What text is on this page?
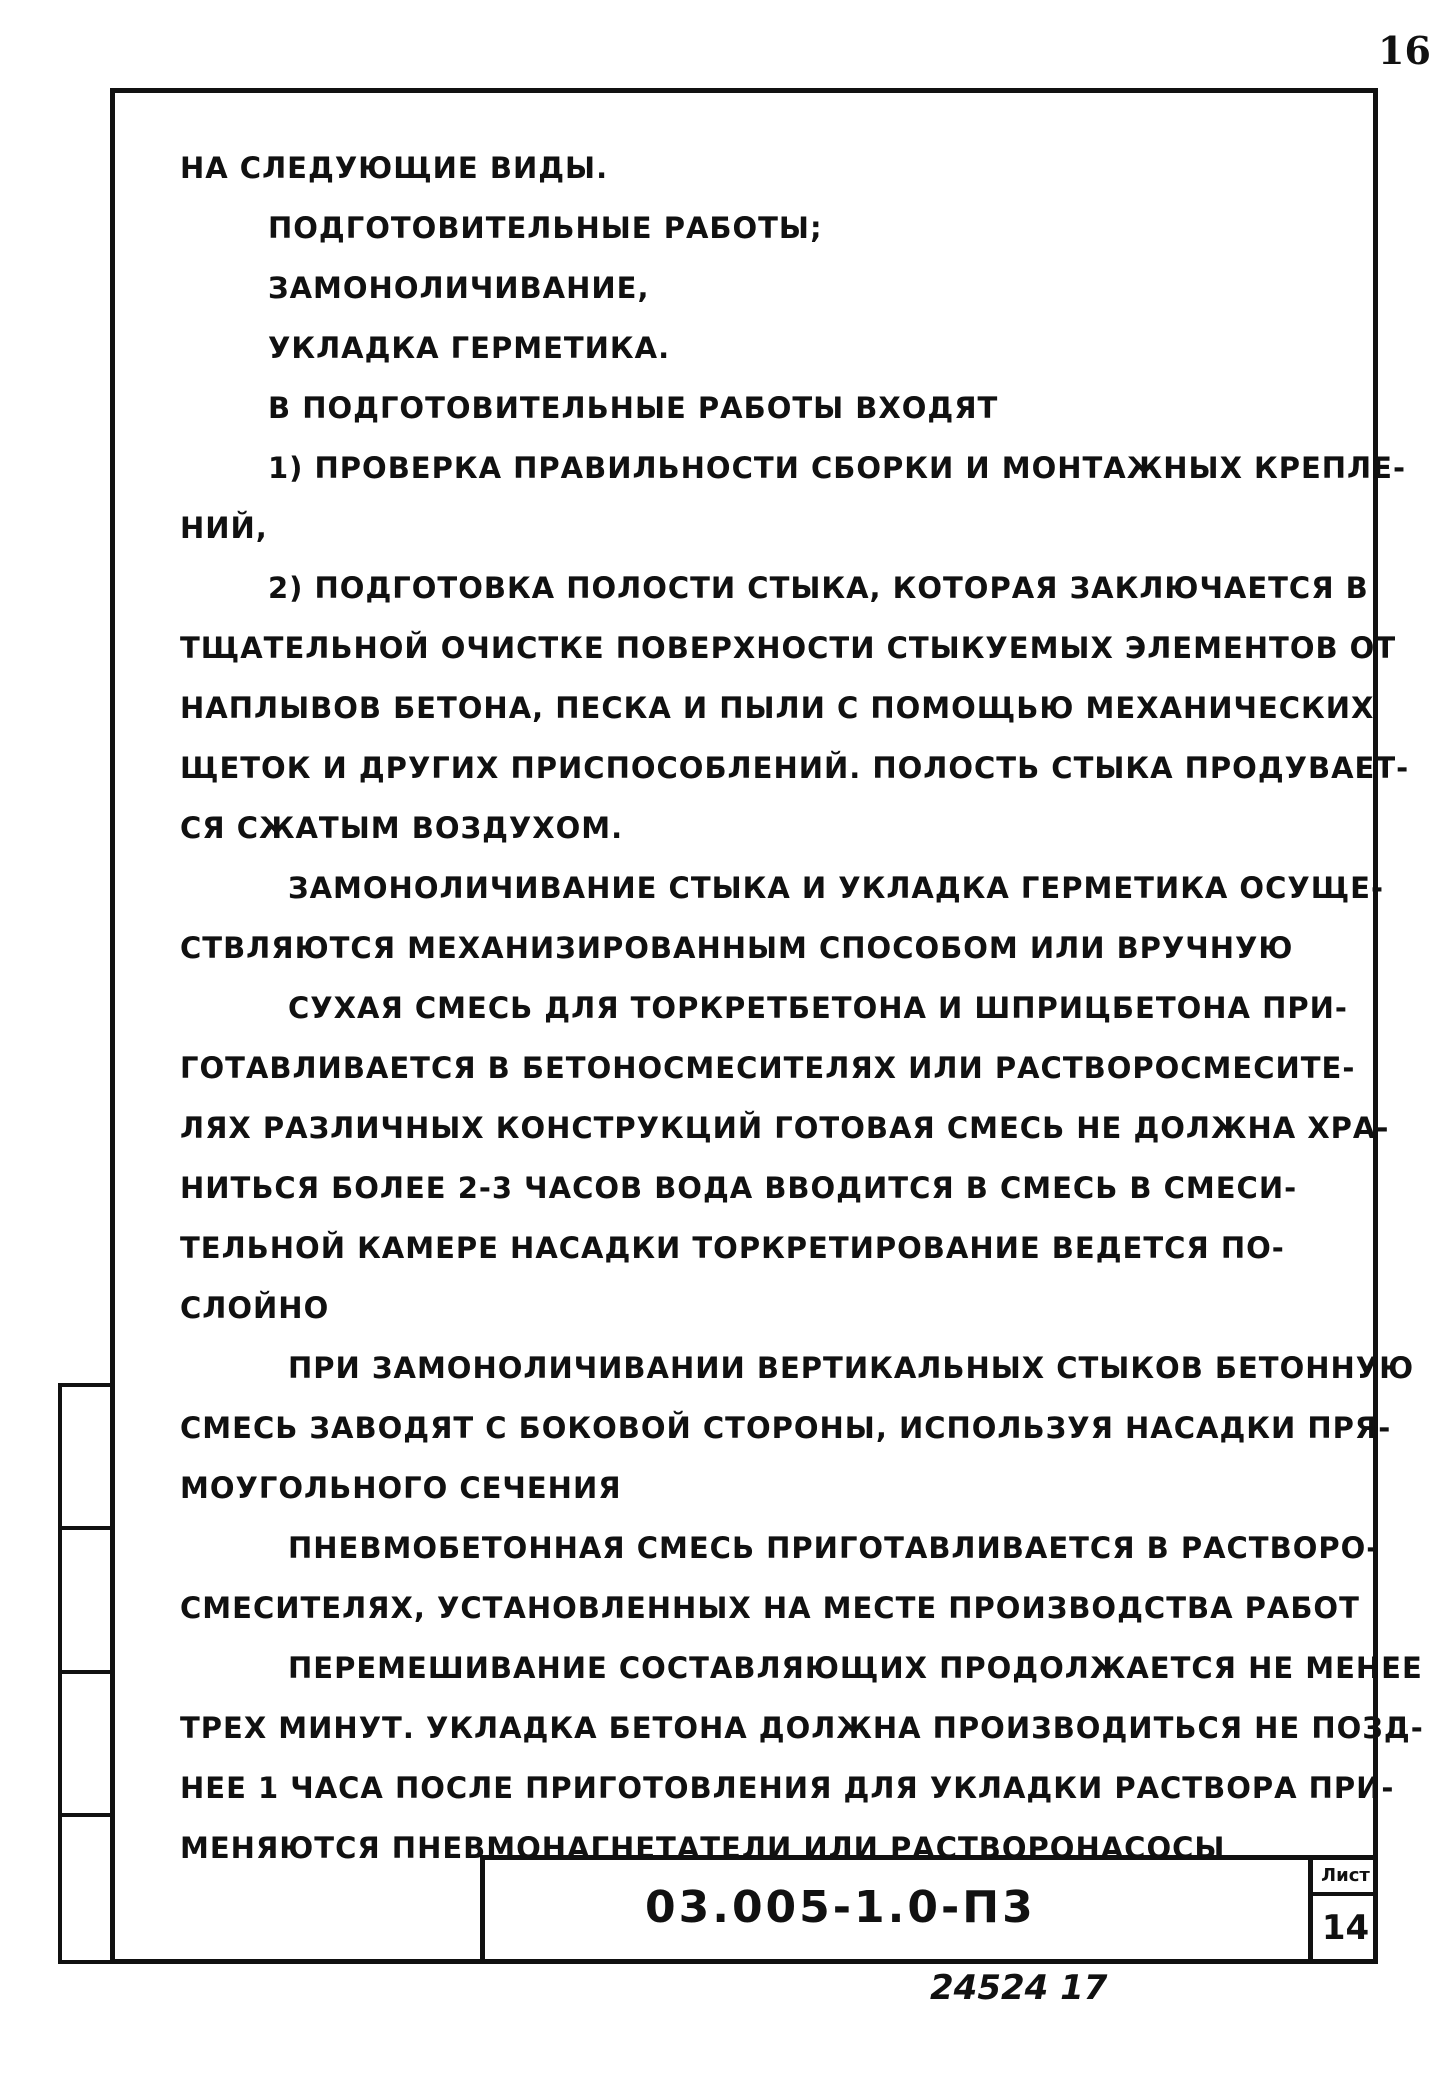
16
НА СЛЕДУЮЩИЕ ВИДЫ.
ПОДГОТОВИТЕЛЬНЫЕ РАБОТЫ;
ЗАМОНОЛИЧИВАНИЕ,
УКЛАДКА ГЕРМЕТИКА.
В ПОДГОТОВИТЕЛЬНЫЕ РАБОТЫ ВХОДЯТ
1) ПРОВЕРКА ПРАВИЛЬНОСТИ СБОРКИ И МОНТАЖНЫХ КРЕПЛЕ-
НИЙ,
2) ПОДГОТОВКА ПОЛОСТИ СТЫКА, КОТОРАЯ ЗАКЛЮЧАЕТСЯ В
ТЩАТЕЛЬНОЙ ОЧИСТКЕ ПОВЕРХНОСТИ СТЫКУЕМЫХ ЭЛЕМЕНТОВ ОТ
НАПЛЫВОВ БЕТОНА, ПЕСКА И ПЫЛИ С ПОМОЩЬЮ МЕХАНИЧЕСКИХ
ЩЕТОК И ДРУГИХ ПРИСПОСОБЛЕНИЙ. ПОЛОСТЬ СТЫКА ПРОДУВАЕТ-
СЯ СЖАТЫМ ВОЗДУХОМ.
ЗАМОНОЛИЧИВАНИЕ СТЫКА И УКЛАДКА ГЕРМЕТИКА ОСУЩЕ-
СТВЛЯЮТСЯ МЕХАНИЗИРОВАННЫМ СПОСОБОМ ИЛИ ВРУЧНУЮ
СУХАЯ СМЕСЬ ДЛЯ ТОРКРЕТБЕТОНА И ШПРИЦБЕТОНА ПРИ-
ГОТАВЛИВАЕТСЯ В БЕТОНОСМЕСИТЕЛЯХ ИЛИ РАСТВОРОСМЕСИТЕ-
ЛЯХ РАЗЛИЧНЫХ КОНСТРУКЦИЙ ГОТОВАЯ СМЕСЬ НЕ ДОЛЖНА ХРА-
НИТЬСЯ БОЛЕЕ 2-3 ЧАСОВ ВОДА ВВОДИТСЯ В СМЕСЬ В СМЕСИ-
ТЕЛЬНОЙ КАМЕРЕ НАСАДКИ ТОРКРЕТИРОВАНИЕ ВЕДЕТСЯ ПО-
СЛОЙНО
ПРИ ЗАМОНОЛИЧИВАНИИ ВЕРТИКАЛЬНЫХ СТЫКОВ БЕТОННУЮ
СМЕСЬ ЗАВОДЯТ С БОКОВОЙ СТОРОНЫ, ИСПОЛЬЗУЯ НАСАДКИ ПРЯ-
МОУГОЛЬНОГО СЕЧЕНИЯ
ПНЕВМОБЕТОННАЯ СМЕСЬ ПРИГОТАВЛИВАЕТСЯ В РАСТВОРО-
СМЕСИТЕЛЯХ, УСТАНОВЛЕННЫХ НА МЕСТЕ ПРОИЗВОДСТВА РАБОТ
ПЕРЕМЕШИВАНИЕ СОСТАВЛЯЮЩИХ ПРОДОЛЖАЕТСЯ НЕ МЕНЕЕ
ТРЕХ МИНУТ. УКЛАДКА БЕТОНА ДОЛЖНА ПРОИЗВОДИТЬСЯ НЕ ПОЗД-
НЕЕ 1 ЧАСА ПОСЛЕ ПРИГОТОВЛЕНИЯ ДЛЯ УКЛАДКИ РАСТВОРА ПРИ-
МЕНЯЮТСЯ ПНЕВМОНАГНЕТАТЕЛИ ИЛИ РАСТВОРОНАСОСЫ
03.005-1.0-П3
Лист
14
24524 17
